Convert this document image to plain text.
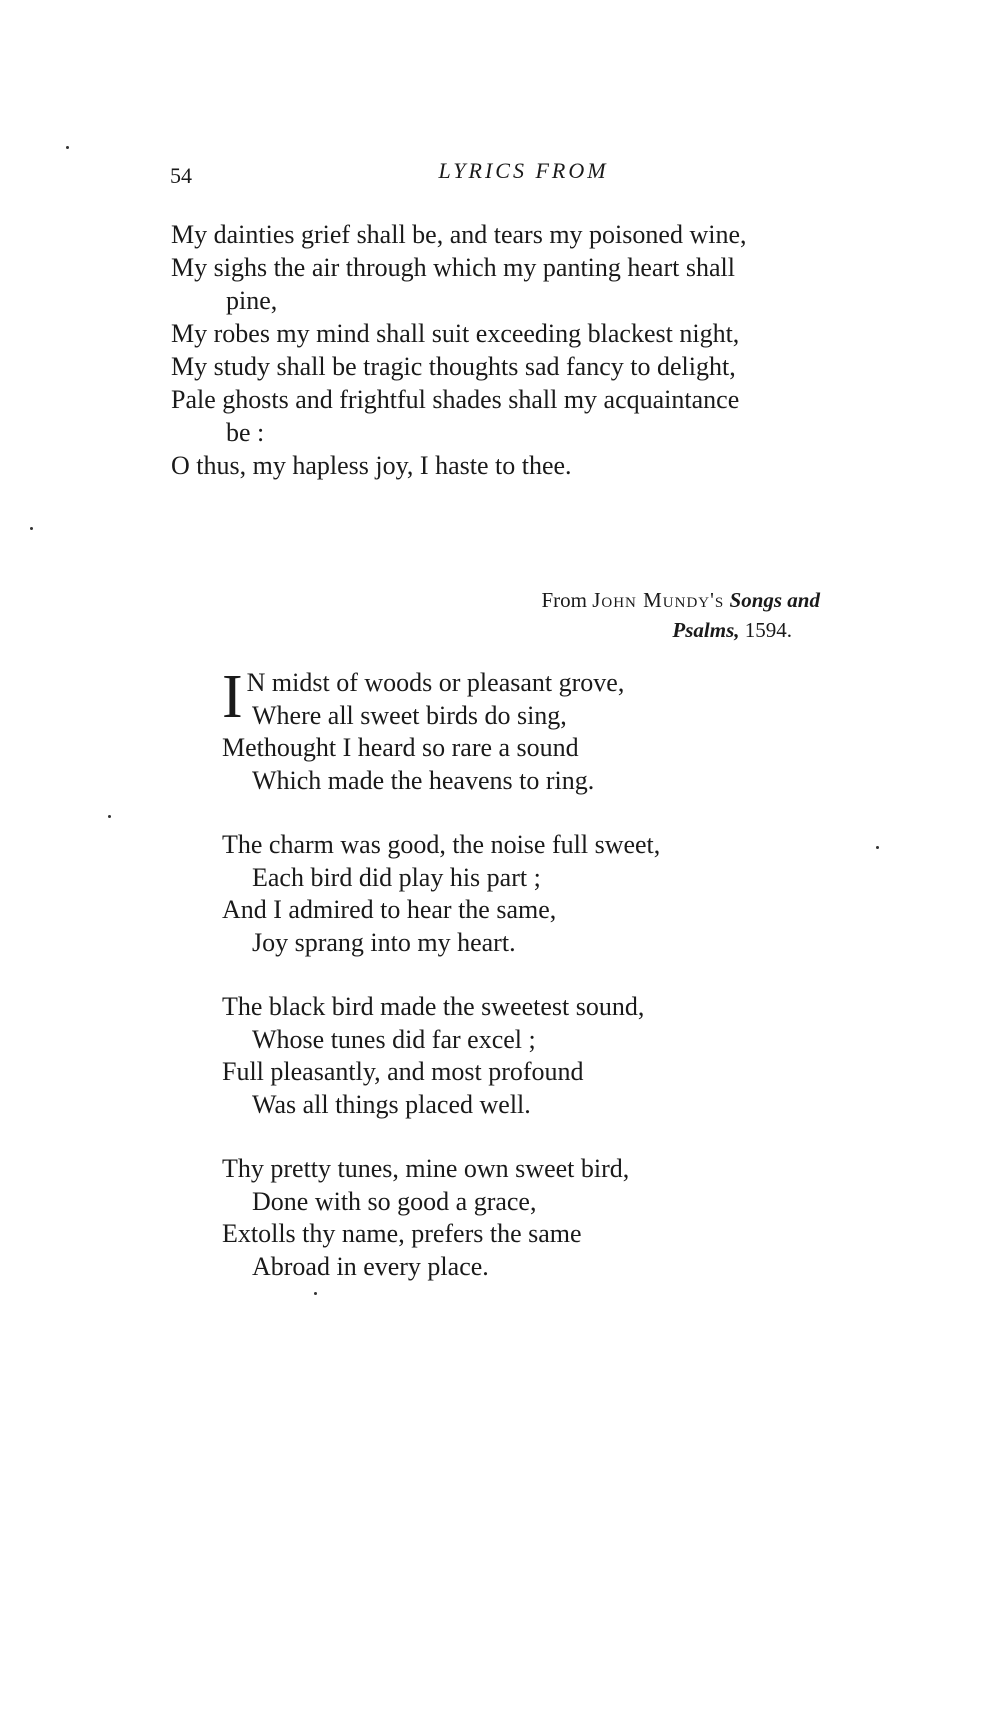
54	LYRICS FROM
My dainties grief shall be, and tears my poisoned wine,
My sighs the air through which my panting heart shall
pine,
My robes my mind shall suit exceeding blackest night,
My study shall be tragic thoughts sad fancy to delight,
Pale ghosts and frightful shades shall my acquaintance
be :
O thus, my hapless joy, I haste to thee.
From John Mundy's Songs and
Psalms, 1594.
I N midst of woods or pleasant grove,
Where all sweet birds do sing,
Methought I heard so rare a sound
Which made the heavens to ring.
The charm was good, the noise full sweet,
Each bird did play his part ;
And I admired to hear the same,
Joy sprang into my heart.
The black bird made the sweetest sound,
Whose tunes did far excel ;
Full pleasantly, and most profound
Was all things placed well.
Thy pretty tunes, mine own sweet bird,
Done with so good a grace,
Extolls thy name, prefers the same
Abroad in every place.
